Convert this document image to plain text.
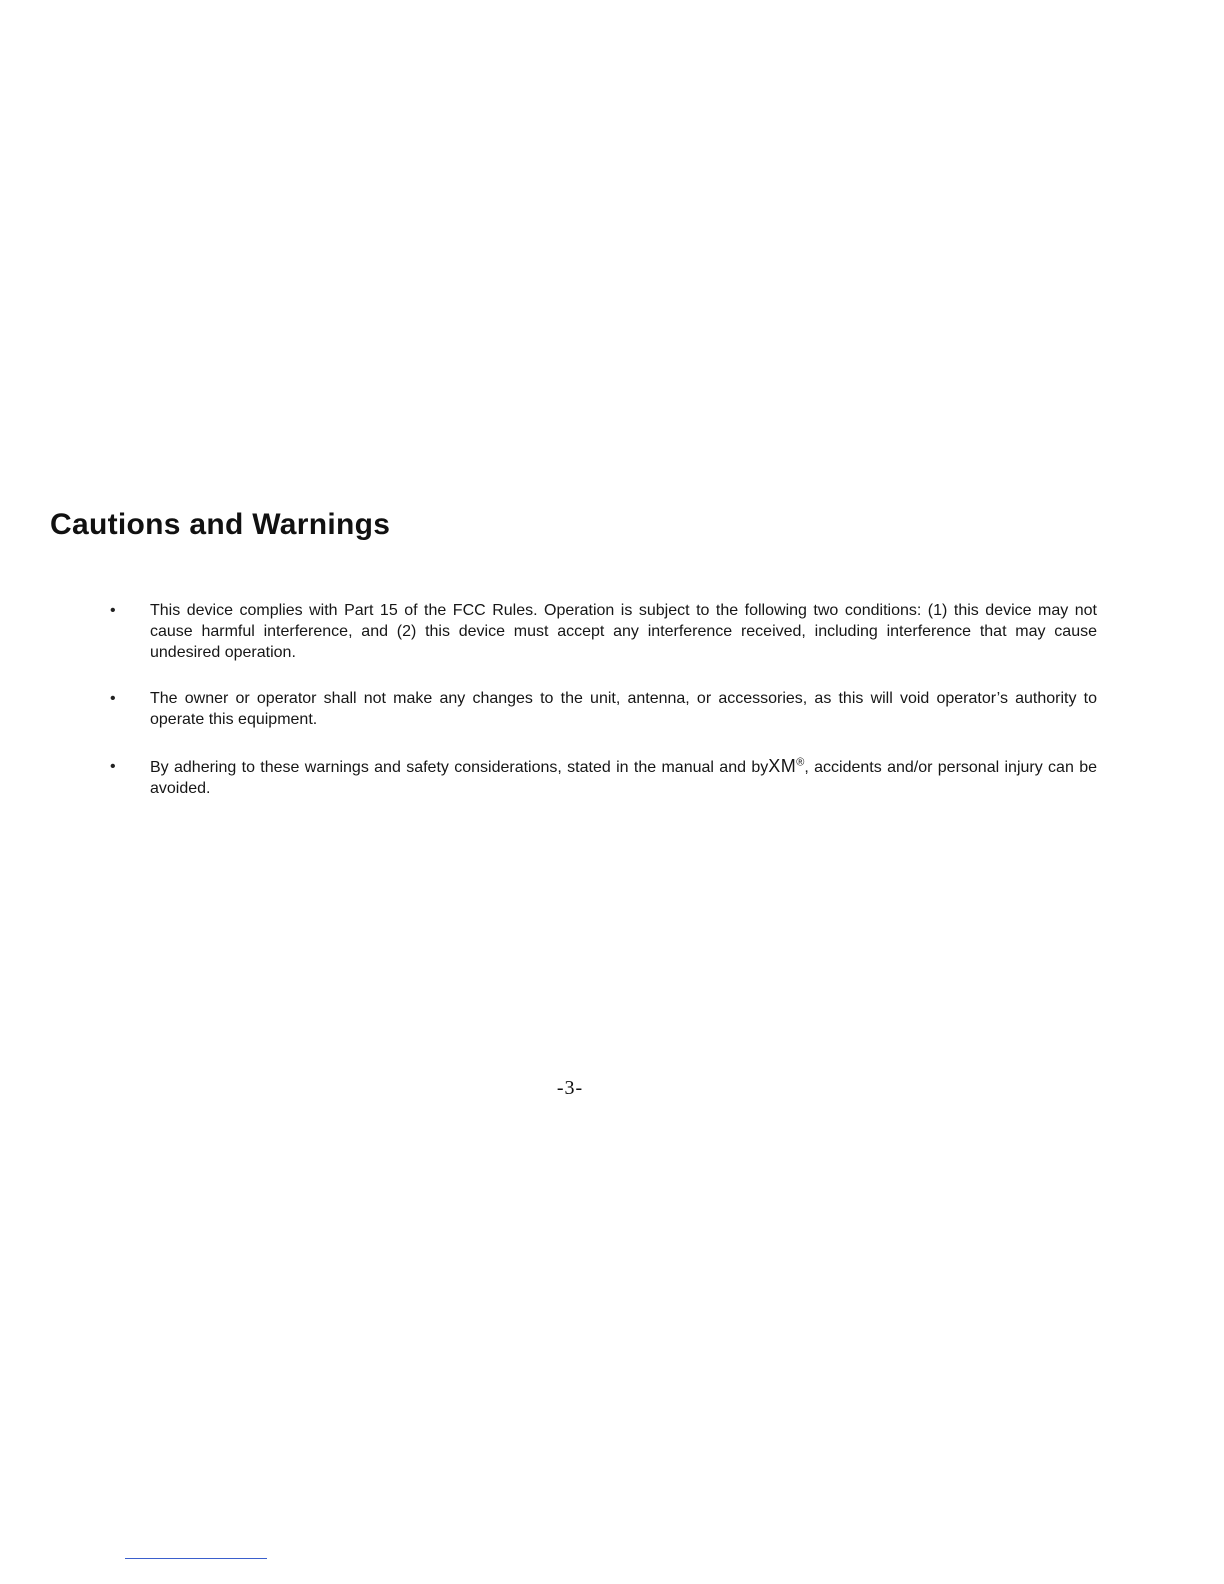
Cautions and Warnings
• This device complies with Part 15 of the FCC Rules. Operation is subject to the following two conditions: (1) this device may not cause harmful interference, and (2) this device must accept any interference received, including interference that may cause undesired operation.
• The owner or operator shall not make any changes to the unit, antenna, or accessories, as this will void operator’s authority to operate this equipment.
• By adhering to these warnings and safety considerations, stated in the manual and byXM®, accidents and/or personal injury can be avoided.
-3-
